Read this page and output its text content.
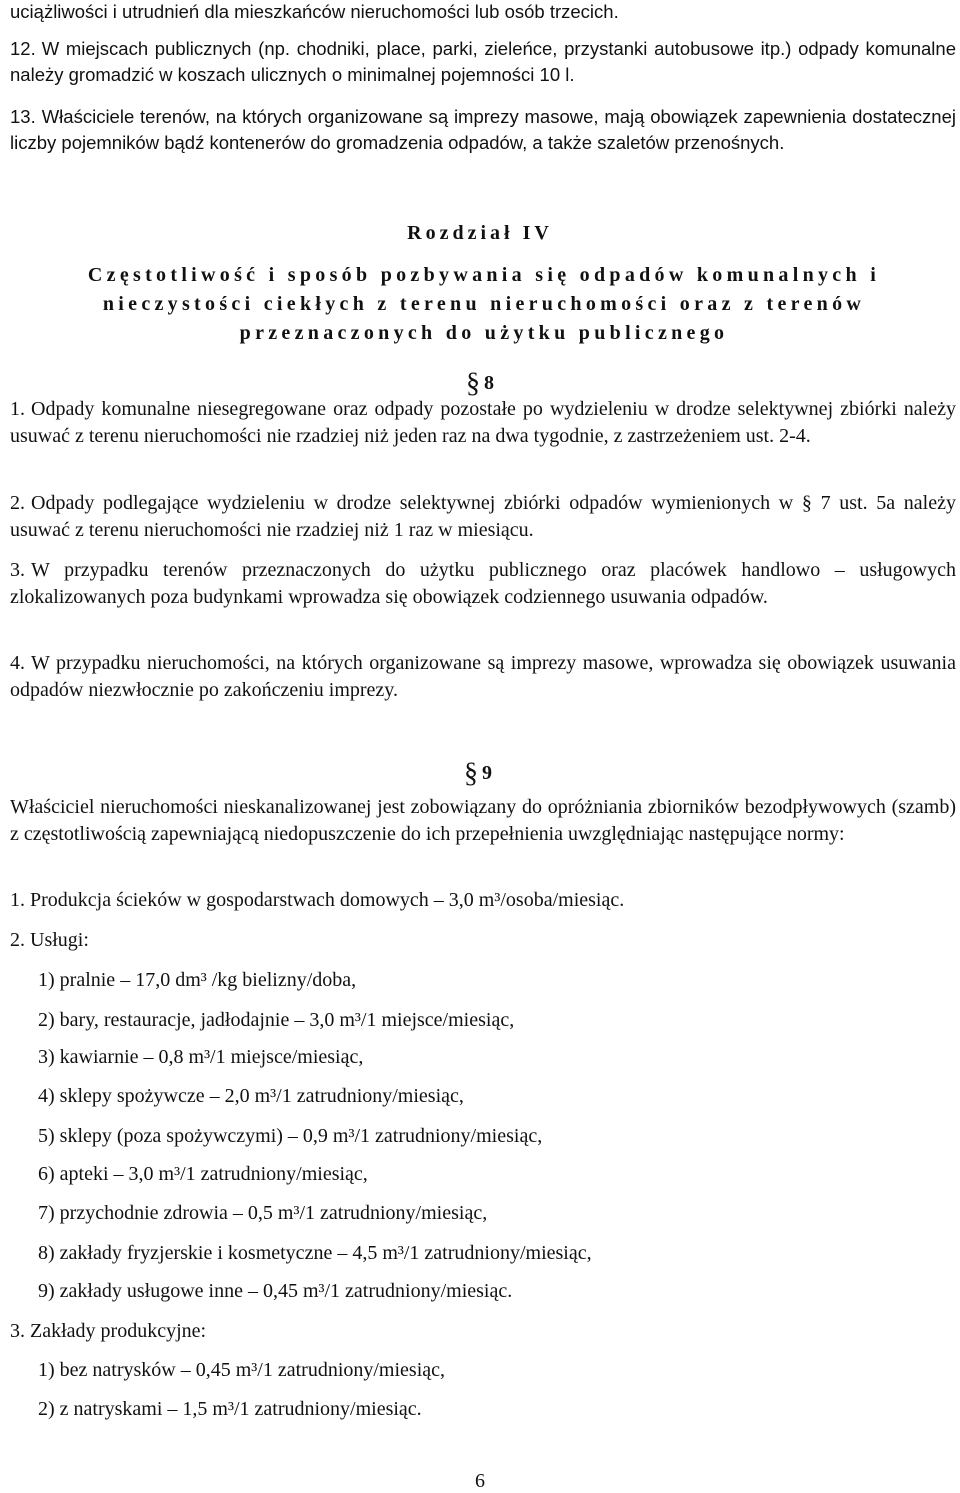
uciążliwości i utrudnień dla mieszkańców nieruchomości lub osób trzecich.

12. W miejscach publicznych (np. chodniki, place, parki, zieleńce, przystanki autobusowe itp.) odpady komunalne należy gromadzić w koszach ulicznych o minimalnej pojemności 10 l.

13. Właściciele terenów, na których organizowane są imprezy masowe, mają obowiązek zapewnienia dostatecznej liczby pojemników bądź kontenerów do gromadzenia odpadów, a także szaletów przenośnych.

Rozdział IV
Częstotliwość i sposób pozbywania się odpadów komunalnych i nieczystości ciekłych z terenu nieruchomości oraz z terenów przeznaczonych do użytku publicznego
§ 8

1. Odpady komunalne niesegregowane oraz odpady pozostałe po wydzieleniu w drodze selektywnej zbiórki należy usuwać z terenu nieruchomości nie rzadziej niż jeden raz na dwa tygodnie, z zastrzeżeniem ust. 2-4.

2. Odpady podlegające wydzieleniu w drodze selektywnej zbiórki odpadów wymienionych w § 7 ust. 5a należy usuwać z terenu nieruchomości nie rzadziej niż 1 raz w miesiącu.

3. W przypadku terenów przeznaczonych do użytku publicznego oraz placówek handlowo – usługowych zlokalizowanych poza budynkami wprowadza się obowiązek codziennego usuwania odpadów.

4. W przypadku nieruchomości, na których organizowane są imprezy masowe, wprowadza się obowiązek usuwania odpadów niezwłocznie po zakończeniu imprezy.

§ 9

Właściciel nieruchomości nieskanalizowanej jest zobowiązany do opróżniania zbiorników bezodpływowych (szamb) z częstotliwością zapewniającą niedopuszczenie do ich przepełnienia uwzględniając następujące normy:

1. Produkcja ścieków w gospodarstwach domowych – 3,0 m³/osoba/miesiąc.
2. Usługi:
1) pralnie – 17,0 dm³ /kg bielizny/doba,
2) bary, restauracje, jadłodajnie – 3,0 m³/1 miejsce/miesiąc,
3) kawiarnie – 0,8 m³/1 miejsce/miesiąc,
4) sklepy spożywcze – 2,0 m³/1 zatrudniony/miesiąc,
5) sklepy (poza spożywczymi) – 0,9 m³/1 zatrudniony/miesiąc,
6) apteki – 3,0 m³/1 zatrudniony/miesiąc,
7) przychodnie zdrowia – 0,5 m³/1 zatrudniony/miesiąc,
8) zakłady fryzjerskie i kosmetyczne – 4,5 m³/1 zatrudniony/miesiąc,
9) zakłady usługowe inne – 0,45 m³/1 zatrudniony/miesiąc.
3. Zakłady produkcyjne:
1) bez natrysków – 0,45 m³/1 zatrudniony/miesiąc,
2) z natryskami – 1,5 m³/1 zatrudniony/miesiąc.
6
